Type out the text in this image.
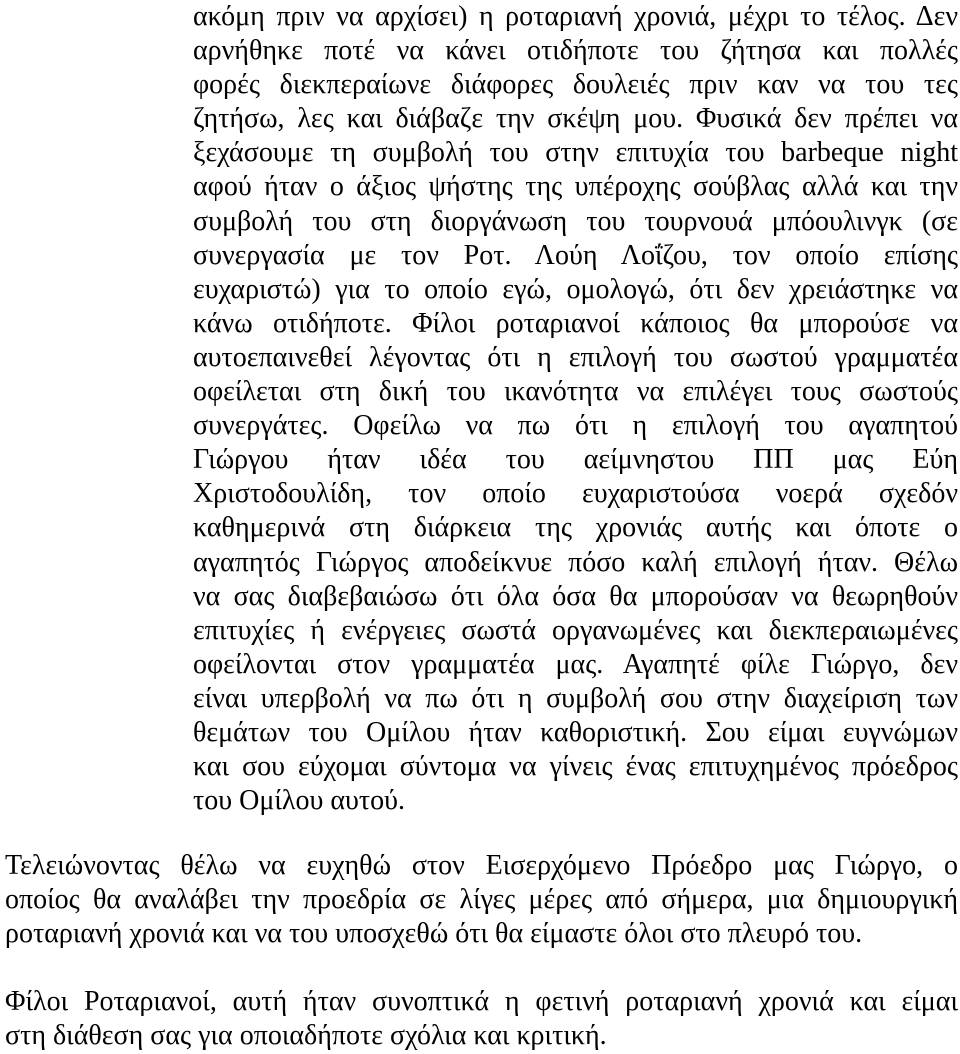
ακόμη πριν να αρχίσει) η ροταριανή χρονιά, μέχρι το τέλος. Δεν
αρνήθηκε ποτέ να κάνει οτιδήποτε του ζήτησα και πολλές
φορές διεκπεραίωνε διάφορες δουλειές πριν καν να του τες
ζητήσω, λες και διάβαζε την σκέψη μου. Φυσικά δεν πρέπει να
ξεχάσουμε τη συμβολή του στην επιτυχία του barbeque night
αφού ήταν ο άξιος ψήστης της υπέροχης σούβλας αλλά και την
συμβολή του στη διοργάνωση του τουρνουά μπόουλινγκ (σε
συνεργασία με τον Ροτ. Λούη Λοΐζου, τον οποίο επίσης
ευχαριστώ) για το οποίο εγώ, ομολογώ, ότι δεν χρειάστηκε να
κάνω οτιδήποτε. Φίλοι ροταριανοί κάποιος θα μπορούσε να
αυτοεπαινεθεί λέγοντας ότι η επιλογή του σωστού γραμματέα
οφείλεται στη δική του ικανότητα να επιλέγει τους σωστούς
συνεργάτες. Οφείλω να πω ότι η επιλογή του αγαπητού
Γιώργου ήταν ιδέα του αείμνηστου ΠΠ μας Εύη
Χριστοδουλίδη, τον οποίο ευχαριστούσα νοερά σχεδόν
καθημερινά στη διάρκεια της χρονιάς αυτής και όποτε ο
αγαπητός Γιώργος αποδείκνυε πόσο καλή επιλογή ήταν. Θέλω
να σας διαβεβαιώσω ότι όλα όσα θα μπορούσαν να θεωρηθούν
επιτυχίες ή ενέργειες σωστά οργανωμένες και διεκπεραιωμένες
οφείλονται στον γραμματέα μας. Αγαπητέ φίλε Γιώργο, δεν
είναι υπερβολή να πω ότι η συμβολή σου στην διαχείριση των
θεμάτων του Ομίλου ήταν καθοριστική. Σου είμαι ευγνώμων
και σου εύχομαι σύντομα να γίνεις ένας επιτυχημένος πρόεδρος
του Ομίλου αυτού.
Τελειώνοντας θέλω να ευχηθώ στον Εισερχόμενο Πρόεδρο μας Γιώργο, ο
οποίος θα αναλάβει την προεδρία σε λίγες μέρες από σήμερα, μια δημιουργική
ροταριανή χρονιά και να του υποσχεθώ ότι θα είμαστε όλοι στο πλευρό του.
Φίλοι Ροταριανοί, αυτή ήταν συνοπτικά η φετινή ροταριανή χρονιά και είμαι
στη διάθεση σας για οποιαδήποτε σχόλια και κριτική.
